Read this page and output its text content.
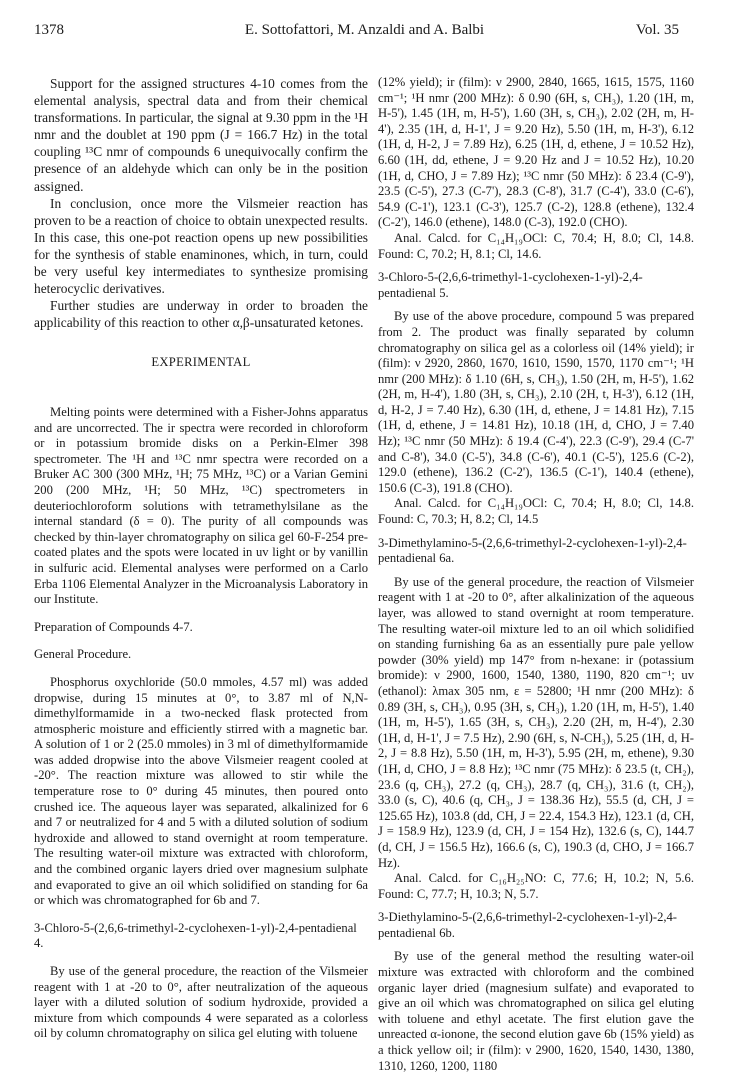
1378	E. Sottofattori, M. Anzaldi and A. Balbi	Vol. 35

Support for the assigned structures 4-10 comes from the elemental analysis, spectral data and from their chemical transformations. In particular, the signal at 9.30 ppm in the ¹H nmr and the doublet at 190 ppm (J = 166.7 Hz) in the total coupling ¹³C nmr of compounds 6 unequivocally confirm the presence of an aldehyde which can only be in the position assigned.

In conclusion, once more the Vilsmeier reaction has proven to be a reaction of choice to obtain unexpected results. In this case, this one-pot reaction opens up new possibilities for the synthesis of stable enaminones, which, in turn, could be very useful key intermediates to synthesize promising heterocyclic derivatives.

Further studies are underway in order to broaden the applicability of this reaction to other α,β-unsaturated ketones.

EXPERIMENTAL

Melting points were determined with a Fisher-Johns apparatus and are uncorrected. The ir spectra were recorded in chloroform or in potassium bromide disks on a Perkin-Elmer 398 spectrometer. The ¹H and ¹³C nmr spectra were recorded on a Bruker AC 300 (300 MHz, ¹H; 75 MHz, ¹³C) or a Varian Gemini 200 (200 MHz, ¹H; 50 MHz, ¹³C) spectrometers in deuteriochloroform solutions with tetramethylsilane as the internal standard (δ = 0). The purity of all compounds was checked by thin-layer chromatography on silica gel 60-F-254 pre-coated plates and the spots were located in uv light or by vanillin in sulfuric acid. Elemental analyses were performed on a Carlo Erba 1106 Elemental Analyzer in the Microanalysis Laboratory in our Institute.

Preparation of Compounds 4-7.

General Procedure.

Phosphorus oxychloride (50.0 mmoles, 4.57 ml) was added dropwise, during 15 minutes at 0°, to 3.87 ml of N,N-dimethylformamide in a two-necked flask protected from atmospheric moisture and efficiently stirred with a magnetic bar. A solution of 1 or 2 (25.0 mmoles) in 3 ml of dimethylformamide was added dropwise into the above Vilsmeier reagent cooled at -20°. The reaction mixture was allowed to stir while the temperature rose to 0° during 45 minutes, then poured onto crushed ice. The aqueous layer was separated, alkalinized for 6 and 7 or neutralized for 4 and 5 with a diluted solution of sodium hydroxide and allowed to stand overnight at room temperature. The resulting water-oil mixture was extracted with chloroform, and the combined organic layers dried over magnesium sulphate and evaporated to give an oil which solidified on standing for 6a or which was chromatographed for 6b and 7.

3-Chloro-5-(2,6,6-trimethyl-2-cyclohexen-1-yl)-2,4-pentadienal 4.

By use of the general procedure, the reaction of the Vilsmeier reagent with 1 at -20 to 0°, after neutralization of the aqueous layer with a diluted solution of sodium hydroxide, provided a mixture from which compounds 4 were separated as a colorless oil by column chromatography on silica gel eluting with toluene

(12% yield); ir (film): ν 2900, 2840, 1665, 1615, 1575, 1160 cm⁻¹; ¹H nmr (200 MHz): δ 0.90 (6H, s, CH₃), 1.20 (1H, m, H-5'), 1.45 (1H, m, H-5'), 1.60 (3H, s, CH₃), 2.02 (2H, m, H-4'), 2.35 (1H, d, H-1', J = 9.20 Hz), 5.50 (1H, m, H-3'), 6.12 (1H, d, H-2, J = 7.89 Hz), 6.25 (1H, d, ethene, J = 10.52 Hz), 6.60 (1H, dd, ethene, J = 9.20 Hz and J = 10.52 Hz), 10.20 (1H, d, CHO, J = 7.89 Hz); ¹³C nmr (50 MHz): δ 23.4 (C-9'), 23.5 (C-5'), 27.3 (C-7'), 28.3 (C-8'), 31.7 (C-4'), 33.0 (C-6'), 54.9 (C-1'), 123.1 (C-3'), 125.7 (C-2), 128.8 (ethene), 132.4 (C-2'), 146.0 (ethene), 148.0 (C-3), 192.0 (CHO).

Anal. Calcd. for C₁₄H₁₉OCl: C, 70.4; H, 8.0; Cl, 14.8. Found: C, 70.2; H, 8.1; Cl, 14.6.

3-Chloro-5-(2,6,6-trimethyl-1-cyclohexen-1-yl)-2,4-pentadienal 5.

By use of the above procedure, compound 5 was prepared from 2. The product was finally separated by column chromatography on silica gel as a colorless oil (14% yield); ir (film): ν 2920, 2860, 1670, 1610, 1590, 1570, 1170 cm⁻¹; ¹H nmr (200 MHz): δ 1.10 (6H, s, CH₃), 1.50 (2H, m, H-5'), 1.62 (2H, m, H-4'), 1.80 (3H, s, CH₃), 2.10 (2H, t, H-3'), 6.12 (1H, d, H-2, J = 7.40 Hz), 6.30 (1H, d, ethene, J = 14.81 Hz), 7.15 (1H, d, ethene, J = 14.81 Hz), 10.18 (1H, d, CHO, J = 7.40 Hz); ¹³C nmr (50 MHz): δ 19.4 (C-4'), 22.3 (C-9'), 29.4 (C-7' and C-8'), 34.0 (C-5'), 34.8 (C-6'), 40.1 (C-5'), 125.6 (C-2), 129.0 (ethene), 136.2 (C-2'), 136.5 (C-1'), 140.4 (ethene), 150.6 (C-3), 191.8 (CHO).

Anal. Calcd. for C₁₄H₁₉OCl: C, 70.4; H, 8.0; Cl, 14.8. Found: C, 70.3; H, 8.2; Cl, 14.5

3-Dimethylamino-5-(2,6,6-trimethyl-2-cyclohexen-1-yl)-2,4-pentadienal 6a.

By use of the general procedure, the reaction of Vilsmeier reagent with 1 at -20 to 0°, after alkalinization of the aqueous layer, was allowed to stand overnight at room temperature. The resulting water-oil mixture led to an oil which solidified on standing furnishing 6a as an essentially pure pale yellow powder (30% yield) mp 147° from n-hexane: ir (potassium bromide): ν 2900, 1600, 1540, 1380, 1190, 820 cm⁻¹; uv (ethanol): λmax 305 nm, ε = 52800; ¹H nmr (200 MHz): δ 0.89 (3H, s, CH₃), 0.95 (3H, s, CH₃), 1.20 (1H, m, H-5'), 1.40 (1H, m, H-5'), 1.65 (3H, s, CH₃), 2.20 (2H, m, H-4'), 2.30 (1H, d, H-1', J = 7.5 Hz), 2.90 (6H, s, N-CH₃), 5.25 (1H, d, H-2, J = 8.8 Hz), 5.50 (1H, m, H-3'), 5.95 (2H, m, ethene), 9.30 (1H, d, CHO, J = 8.8 Hz); ¹³C nmr (75 MHz): δ 23.5 (t, CH₂), 23.6 (q, CH₃), 27.2 (q, CH₃), 28.7 (q, CH₃), 31.6 (t, CH₂), 33.0 (s, C), 40.6 (q, CH₃, J = 138.36 Hz), 55.5 (d, CH, J = 125.65 Hz), 103.8 (dd, CH, J = 22.4, 154.3 Hz), 123.1 (d, CH, J = 158.9 Hz), 123.9 (d, CH, J = 154 Hz), 132.6 (s, C), 144.7 (d, CH, J = 156.5 Hz), 166.6 (s, C), 190.3 (d, CHO, J = 166.7 Hz).

Anal. Calcd. for C₁₆H₂₅NO: C, 77.6; H, 10.2; N, 5.6. Found: C, 77.7; H, 10.3; N, 5.7.

3-Diethylamino-5-(2,6,6-trimethyl-2-cyclohexen-1-yl)-2,4-pentadienal 6b.

By use of the general method the resulting water-oil mixture was extracted with chloroform and the combined organic layer dried (magnesium sulfate) and evaporated to give an oil which was chromatographed on silica gel eluting with toluene and ethyl acetate. The first elution gave the unreacted α-ionone, the second elution gave 6b (15% yield) as a thick yellow oil; ir (film): ν 2900, 1620, 1540, 1430, 1380, 1310, 1260, 1200, 1180
